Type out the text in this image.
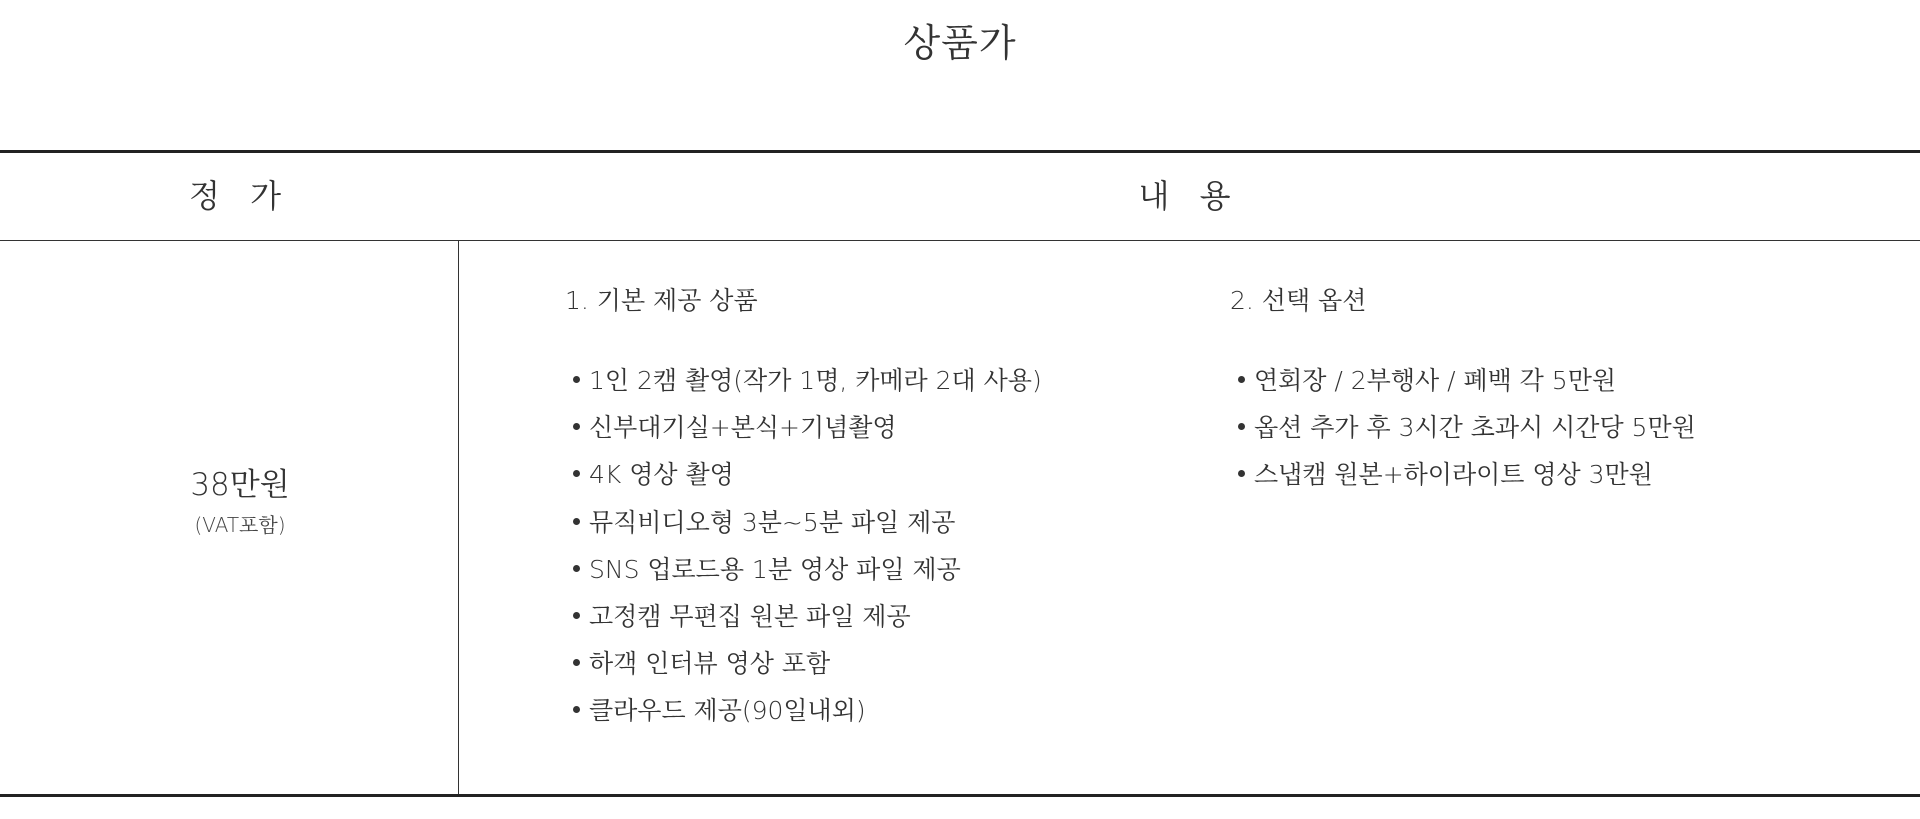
상품가
정 가	내 용
38만원
(VAT포함)
1. 기본 제공 상품
1인 2캠 촬영(작가 1명, 카메라 2대 사용)
신부대기실+본식+기념촬영
4K 영상 촬영
뮤직비디오형 3분~5분 파일 제공
SNS 업로드용 1분 영상 파일 제공
고정캠 무편집 원본 파일 제공
하객 인터뷰 영상 포함
클라우드 제공(90일내외)
2. 선택 옵션
연회장 / 2부행사 / 폐백 각 5만원
옵션 추가 후 3시간 초과시 시간당 5만원
스냅캠 원본+하이라이트 영상 3만원
